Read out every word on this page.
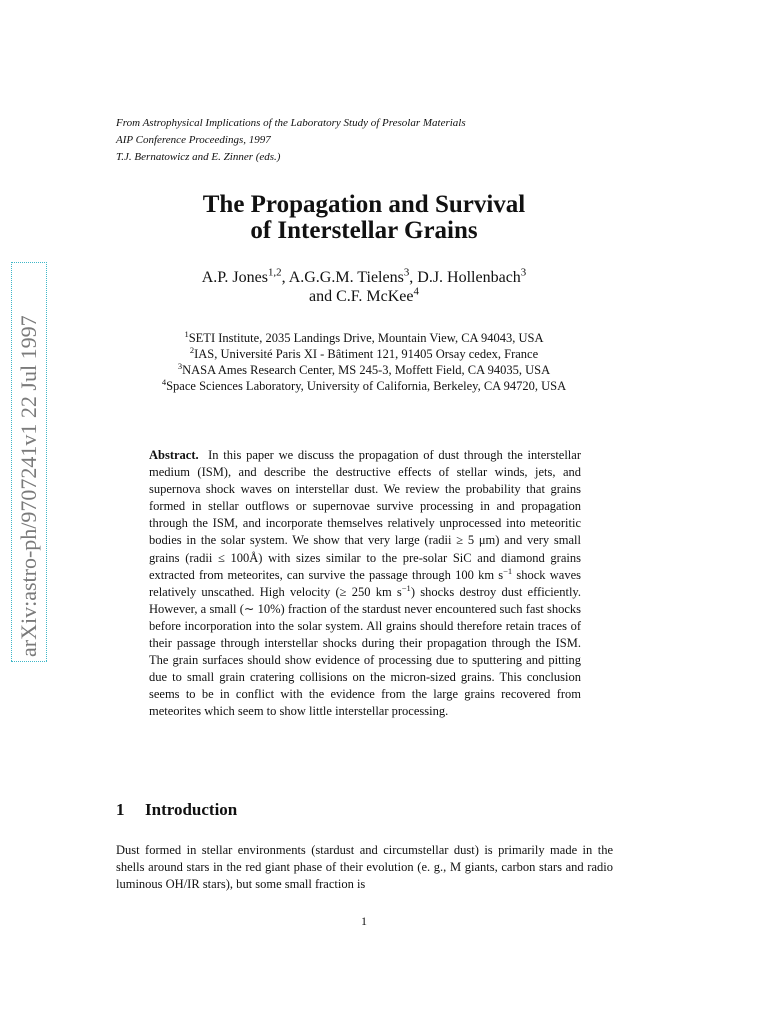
arXiv:astro-ph/9707241v1 22 Jul 1997
From Astrophysical Implications of the Laboratory Study of Presolar Materials
AIP Conference Proceedings, 1997
T.J. Bernatowicz and E. Zinner (eds.)
The Propagation and Survival
of Interstellar Grains
A.P. Jones$^{1,2}$, A.G.G.M. Tielens$^3$, D.J. Hollenbach$^3$
and C.F. McKee$^4$
$^1$SETI Institute, 2035 Landings Drive, Mountain View, CA 94043, USA
$^2$IAS, Université Paris XI - Bâtiment 121, 91405 Orsay cedex, France
$^3$NASA Ames Research Center, MS 245-3, Moffett Field, CA 94035, USA
$^4$Space Sciences Laboratory, University of California, Berkeley, CA 94720, USA
Abstract. In this paper we discuss the propagation of dust through the interstellar medium (ISM), and describe the destructive effects of stellar winds, jets, and supernova shock waves on interstellar dust. We review the probability that grains formed in stellar outflows or supernovae survive processing in and propagation through the ISM, and incorporate themselves relatively unprocessed into meteoritic bodies in the solar system. We show that very large (radii ≥ 5 μm) and very small grains (radii ≤ 100Å) with sizes similar to the pre-solar SiC and diamond grains extracted from meteorites, can survive the passage through 100 km $s^{-1}$ shock waves relatively unscathed. High velocity (≥ 250 km $s^{-1}$) shocks destroy dust efficiently. However, a small (∼ 10%) fraction of the stardust never encountered such fast shocks before incorporation into the solar system. All grains should therefore retain traces of their passage through interstellar shocks during their propagation through the ISM. The grain surfaces should show evidence of processing due to sputtering and pitting due to small grain cratering collisions on the micron-sized grains. This conclusion seems to be in conflict with the evidence from the large grains recovered from meteorites which seem to show little interstellar processing.
1 Introduction
Dust formed in stellar environments (stardust and circumstellar dust) is primarily made in the shells around stars in the red giant phase of their evolution (e. g., M giants, carbon stars and radio luminous OH/IR stars), but some small fraction is
1
